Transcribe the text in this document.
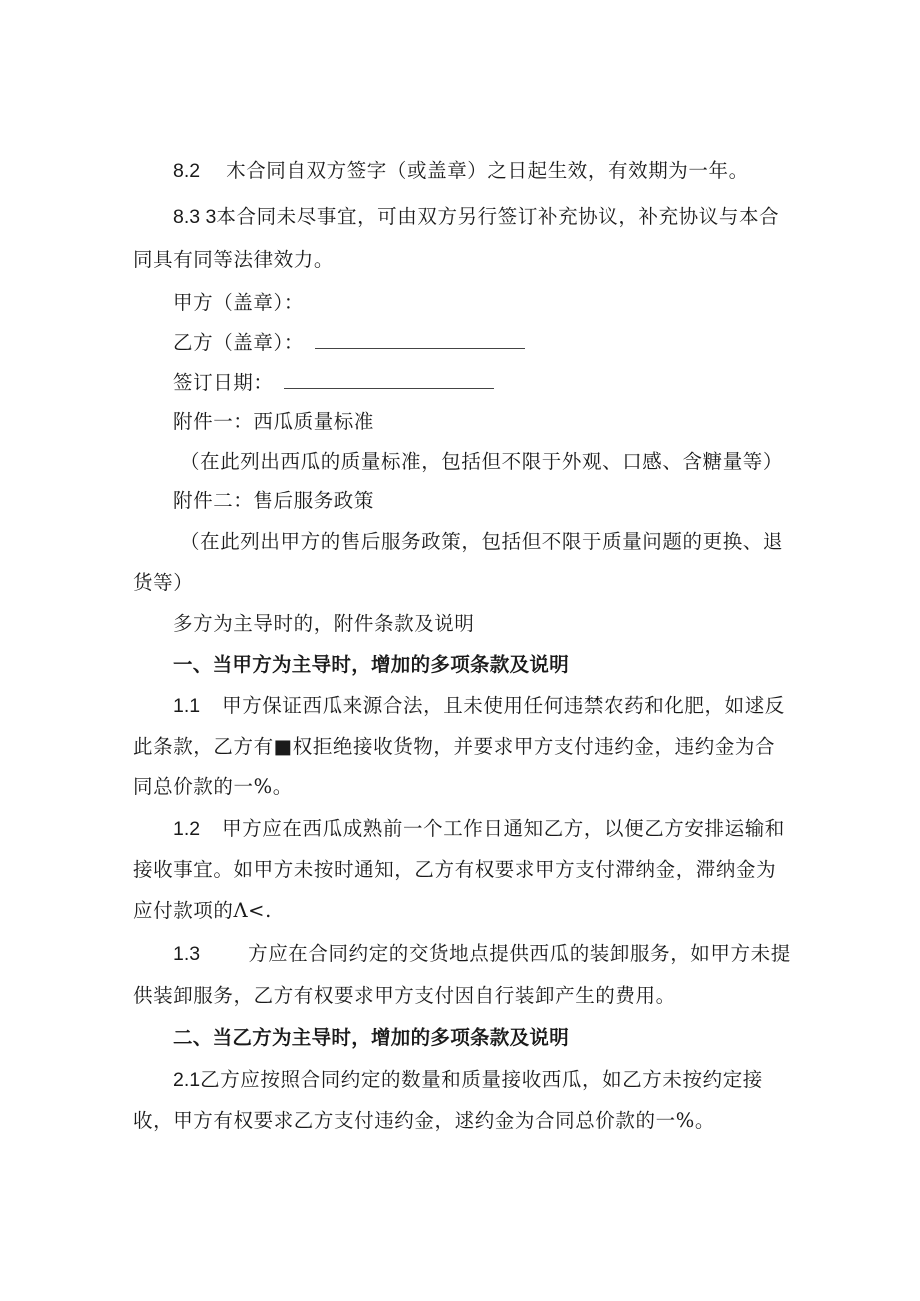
8.2 木合同自双方签字（或盖章）之日起生效，有效期为一年。
8.3 3本合同未尽事宜，可由双方另行签订补充协议，补充协议与本合
同具有同等法律效力。
甲方（盖章）：
乙方（盖章）：
签订日期：
附件一：西瓜质量标准
（在此列出西瓜的质量标准，包括但不限于外观、口感、含糖量等）
附件二：售后服务政策
（在此列出甲方的售后服务政策，包括但不限于质量问题的更换、退
货等）
多方为主导时的，附件条款及说明
一、当甲方为主导时，增加的多项条款及说明
1.1 甲方保证西瓜来源合法，且未使用任何违禁农药和化肥，如逑反
此条款，乙方有■权拒绝接收货物，并要求甲方支付违约金，违约金为合
同总价款的一%。
1.2 甲方应在西瓜成熟前一个工作日通知乙方，以便乙方安排运输和
接收事宜。如甲方未按时通知，乙方有权要求甲方支付滞纳金，滞纳金为
应付款项的Λ<.
1.3 方应在合同约定的交货地点提供西瓜的装卸服务，如甲方未提
供装卸服务，乙方有权要求甲方支付因自行装卸产生的费用。
二、当乙方为主导时，增加的多项条款及说明
2.1乙方应按照合同约定的数量和质量接收西瓜，如乙方未按约定接
收，甲方有权要求乙方支付违约金，逑约金为合同总价款的一%。
